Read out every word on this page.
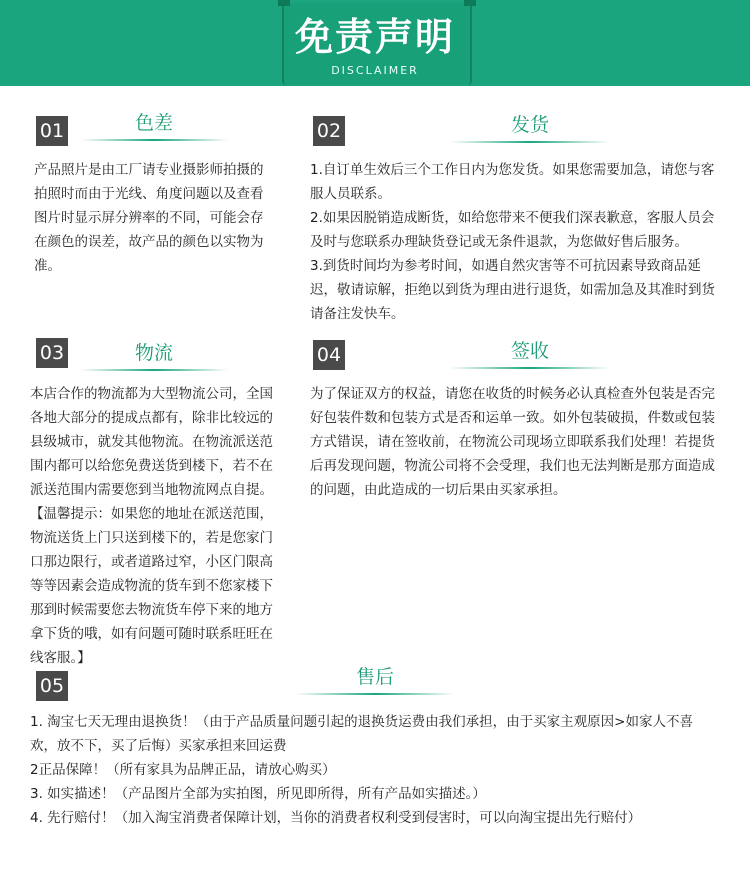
免责声明
DISCLAIMER
01	色差

产品照片是由工厂请专业摄影师拍摄的拍照时而由于光线、角度问题以及查看图片时显示屏分辨率的不同，可能会存在颜色的误差，故产品的颜色以实物为准。

02	发货

1.自订单生效后三个工作日内为您发货。如果您需要加急，请您与客服人员联系。

2.如果因脱销造成断货，如给您带来不便我们深表歉意，客服人员会及时与您联系办理缺货登记或无条件退款，为您做好售后服务。

3.到货时间均为参考时间，如遇自然灾害等不可抗因素导致商品延迟，敬请谅解，拒绝以到货为理由进行退货，如需加急及其准时到货请备注发快车。

03	物流

本店合作的物流都为大型物流公司，全国各地大部分的提成点都有，除非比较远的县级城市，就发其他物流。在物流派送范围内都可以给您免费送货到楼下，若不在派送范围内需要您到当地物流网点自提。

【温馨提示：如果您的地址在派送范围，物流送货上门只送到楼下的，若是您家门口那边限行，或者道路过窄，小区门限高等等因素会造成物流的货车到不您家楼下那到时候需要您去物流货车停下来的地方拿下货的哦，如有问题可随时联系旺旺在线客服。】

04	签收

为了保证双方的权益，请您在收货的时候务必认真检查外包装是否完好包装件数和包装方式是否和运单一致。如外包装破损，件数或包装方式错误，请在签收前，在物流公司现场立即联系我们处理！若提货后再发现问题，物流公司将不会受理，我们也无法判断是那方面造成的问题，由此造成的一切后果由买家承担。

05	售后

1. 淘宝七天无理由退换货！（由于产品质量问题引起的退换货运费由我们承担，由于买家主观原因>如家人不喜欢，放不下，买了后悔）买家承担来回运费

2正品保障！（所有家具为品牌正品，请放心购买）

3. 如实描述！（产品图片全部为实拍图，所见即所得，所有产品如实描述。）

4. 先行赔付！（加入淘宝消费者保障计划，当你的消费者权利受到侵害时，可以向淘宝提出先行赔付）
